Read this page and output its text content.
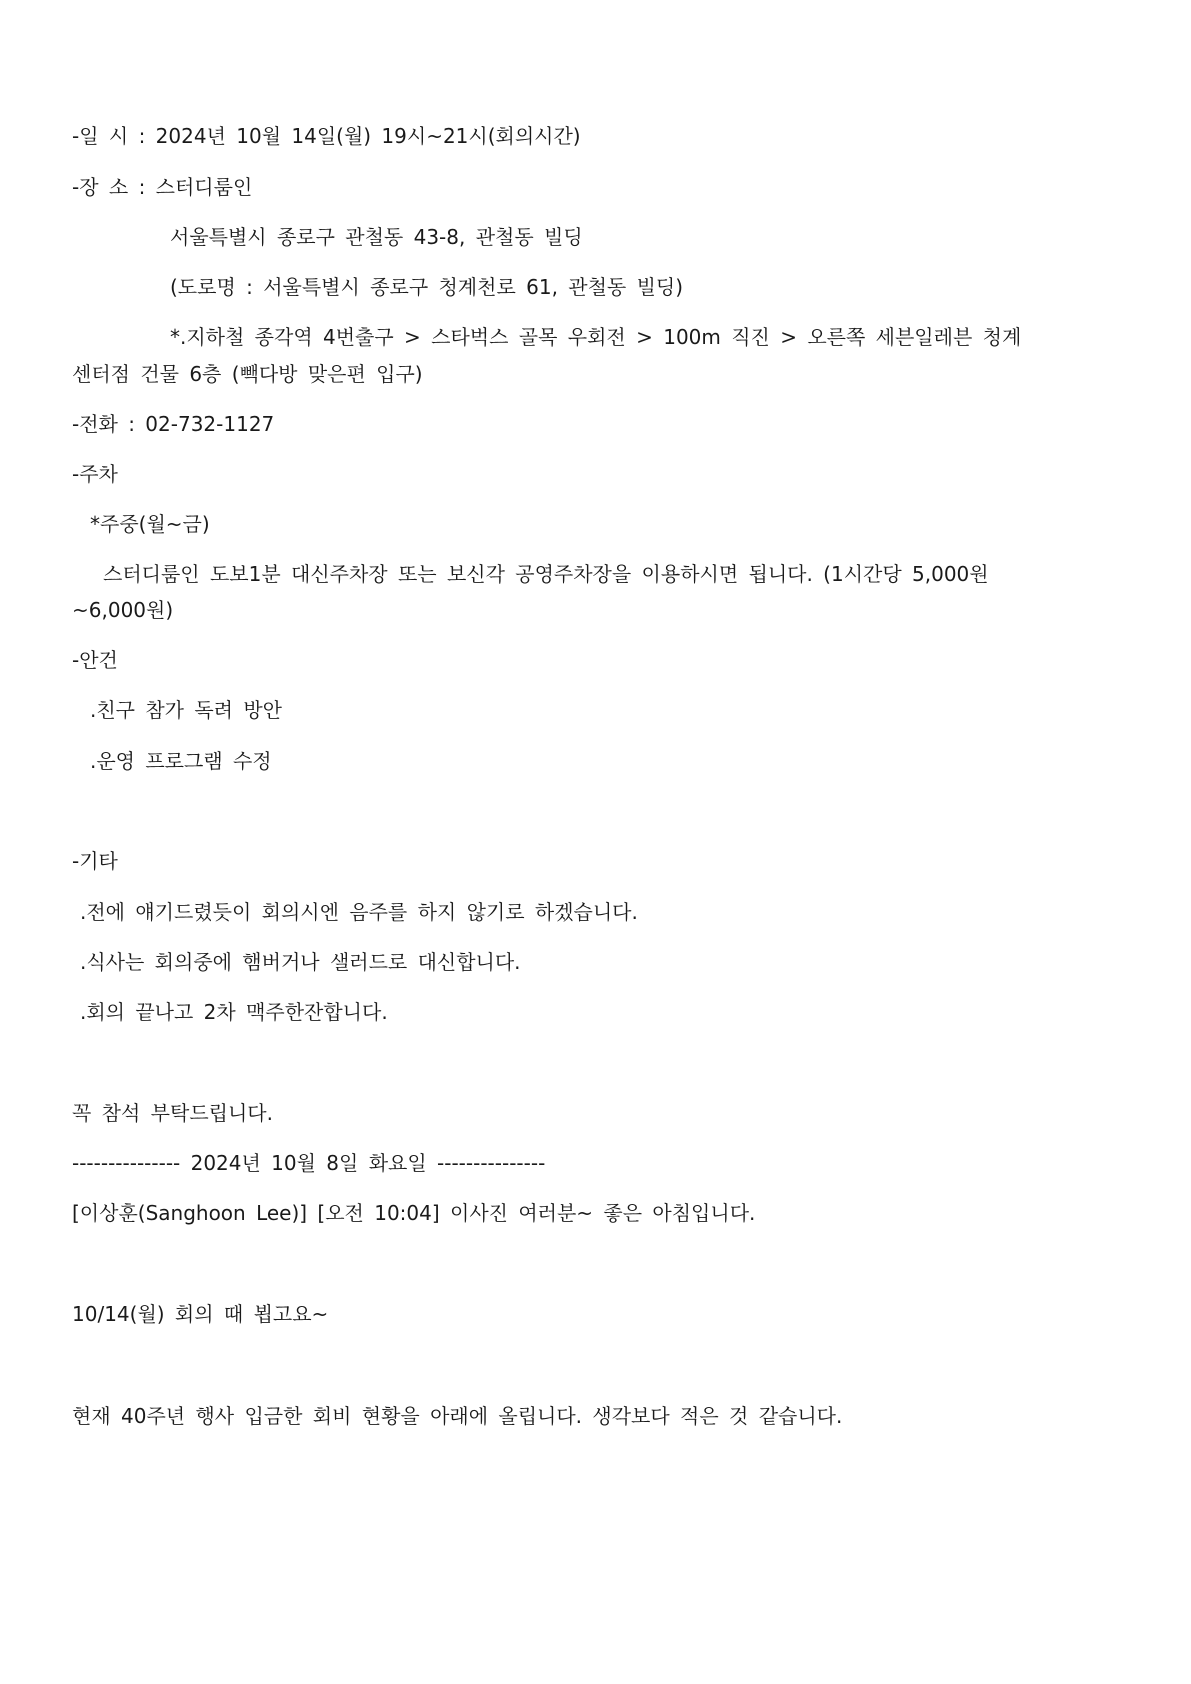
-일 시 : 2024년 10월 14일(월) 19시~21시(회의시간)
-장 소 : 스터디룸인
서울특별시 종로구 관철동 43-8, 관철동 빌딩
(도로명 : 서울특별시 종로구 청계천로 61, 관철동 빌딩)
*.지하철 종각역 4번출구 > 스타벅스 골목 우회전 > 100m 직진 > 오른쪽 세븐일레븐 청계
센터점 건물 6층 (빽다방 맞은편 입구)
-전화 : 02-732-1127
-주차
*주중(월~금)
스터디룸인 도보1분 대신주차장 또는 보신각 공영주차장을 이용하시면 됩니다. (1시간당 5,000원
~6,000원)
-안건
.친구 참가 독려 방안
.운영 프로그램 수정
-기타
.전에 얘기드렸듯이 회의시엔 음주를 하지 않기로 하겠습니다.
.식사는 회의중에 햄버거나 샐러드로 대신합니다.
.회의 끝나고 2차 맥주한잔합니다.
꼭 참석 부탁드립니다.
--------------- 2024년 10월 8일 화요일 ---------------
[이상훈(Sanghoon Lee)] [오전 10:04] 이사진 여러분~ 좋은 아침입니다.
10/14(월) 회의 때 뵙고요~
현재 40주년 행사 입금한 회비 현황을 아래에 올립니다. 생각보다 적은 것 같습니다.
